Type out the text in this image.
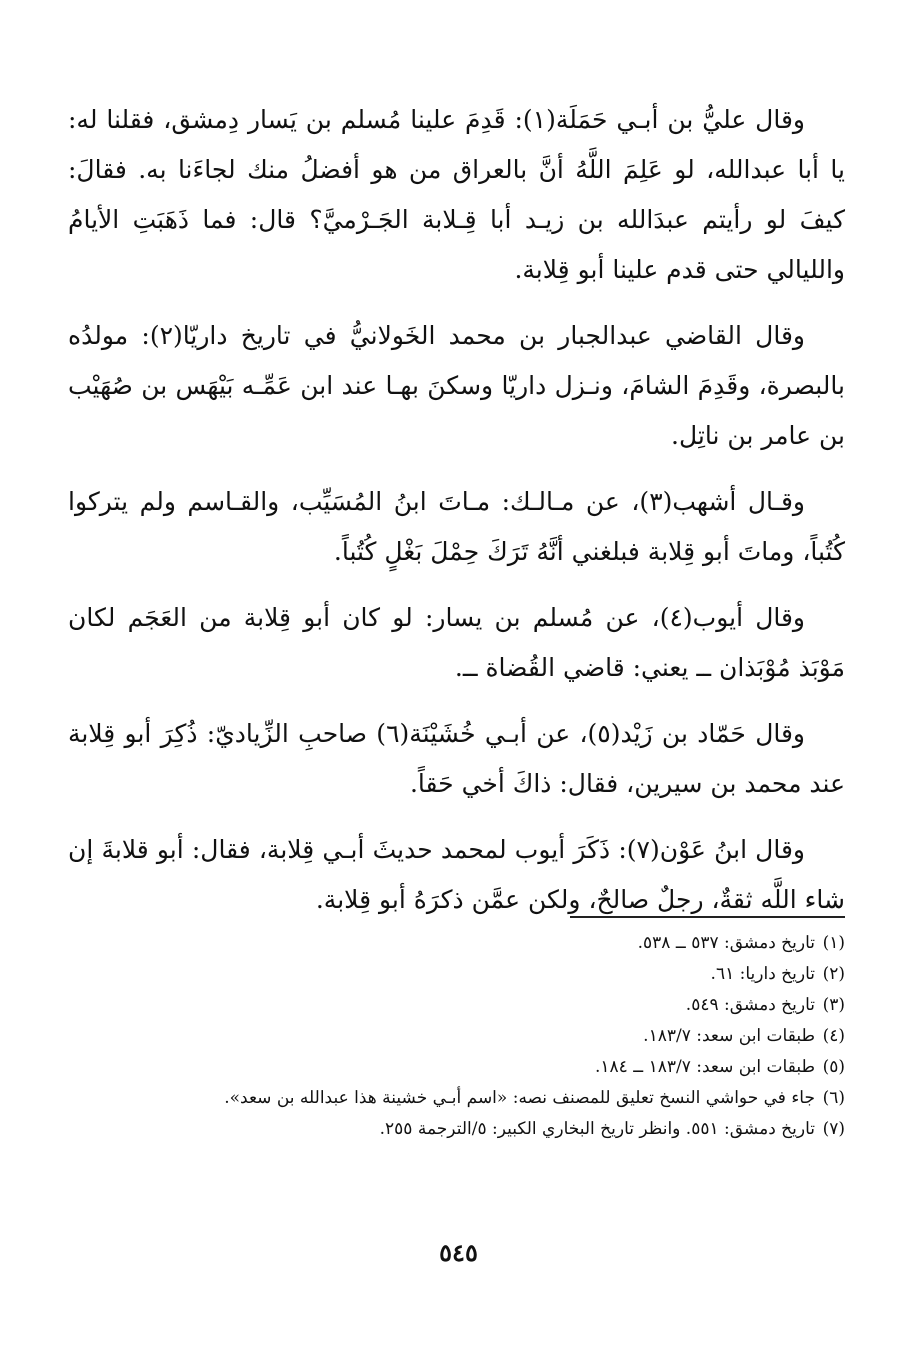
وقال عليُّ بن أبـي حَمَلَة(١): قَدِمَ علينا مُسلم بن يَسار دِمشق، فقلنا له: يا أبا عبدالله، لو عَلِمَ اللَّهُ أنَّ بالعراق من هو أفضلُ منك لجاءَنا به. فقالَ: كيفَ لو رأيتم عبدَالله بن زيـد أبا قِـلابة الجَـرْميَّ؟ قال: فما ذَهَبَتِ الأيامُ والليالي حتى قدم علينا أبو قِلابة.

وقال القاضي عبدالجبار بن محمد الخَولانيُّ في تاريخ داريّا(٢): مولدُه بالبصرة، وقَدِمَ الشامَ، ونـزل داريّا وسكنَ بهـا عند ابن عَمِّـه بَيْهَس بن صُهَيْب بن عامر بن ناتِل.

وقـال أشهب(٣)، عن مـالـك: مـاتَ ابنُ المُسَيِّب، والقـاسم ولم يتركوا كُتُباً، وماتَ أبو قِلابة فبلغني أنَّهُ تَرَكَ حِمْلَ بَغْلٍ كُتُباً.

وقال أيوب(٤)، عن مُسلم بن يسار: لو كان أبو قِلابة من العَجَم لكان مَوْبَذ مُوْبَذان ــ يعني: قاضي القُضاة ــ.

وقال حَمّاد بن زَيْد(٥)، عن أبـي خُشَيْنَة(٦) صاحبِ الزِّياديّ: ذُكِرَ أبو قِلابة عند محمد بن سيرين، فقال: ذاكَ أخي حَقاً.

وقال ابنُ عَوْن(٧): ذَكَرَ أيوب لمحمد حديثَ أبـي قِلابة، فقال: أبو قلابةَ إن شاء اللَّه ثقةٌ، رجلٌ صالحٌ، ولكن عمَّن ذكرَهُ أبو قِلابة.

(١)
تاريخ دمشق: ٥٣٧ ــ ٥٣٨.
(٢)
تاريخ داريا: ٦١.
(٣)
تاريخ دمشق: ٥٤٩.
(٤)
طبقات ابن سعد: ١٨٣/٧.
(٥)
طبقات ابن سعد: ١٨٣/٧ ــ ١٨٤.
(٦)
جاء في حواشي النسخ تعليق للمصنف نصه: «اسم أبـي خشينة هذا عبدالله بن سعد».
(٧)
تاريخ دمشق: ٥٥١. وانظر تاريخ البخاري الكبير: ٥/الترجمة ٢٥٥.
٥٤٥
